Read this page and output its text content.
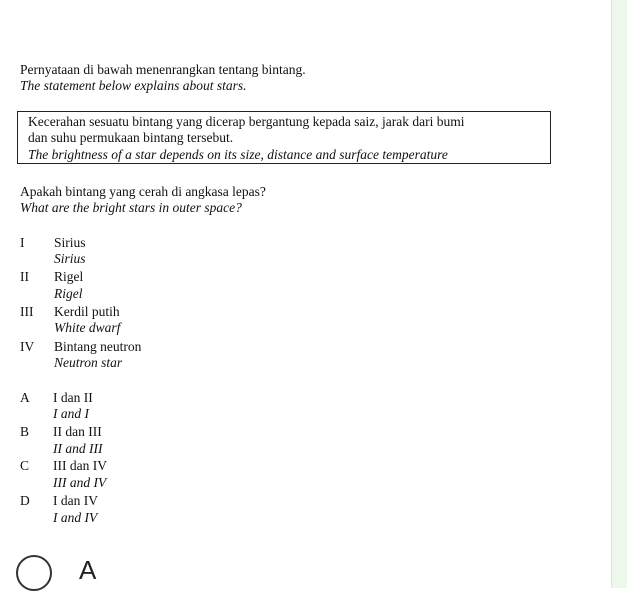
Pernyataan di bawah menenrangkan tentang bintang.
The statement below explains about stars.
Kecerahan sesuatu bintang yang dicerap bergantung kepada saiz, jarak dari bumi
dan suhu permukaan bintang tersebut.
The brightness of a star depends on its size, distance and surface temperature
Apakah bintang yang cerah di angkasa lepas?
What are the bright stars in outer space?
I Sirius
Sirius
II Rigel
Rigel
III Kerdil putih
White dwarf
IV Bintang neutron
Neutron star
A I dan II
I and I
B II dan III
II and III
C III dan IV
III and IV
D I dan IV
I and IV
A
